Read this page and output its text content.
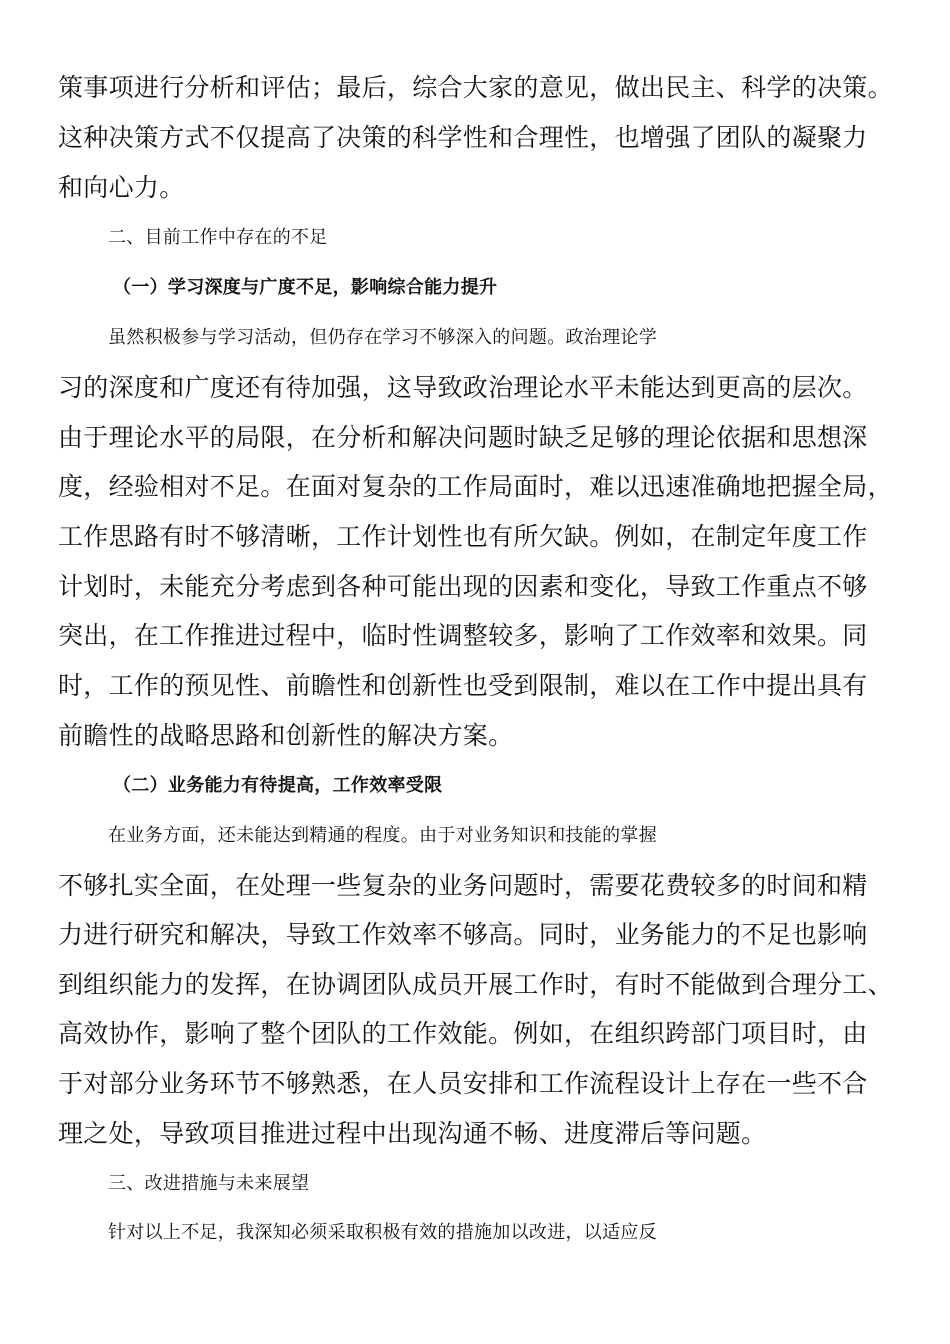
策事项进行分析和评估；最后，综合大家的意见，做出民主、科学的决策。
这种决策方式不仅提高了决策的科学性和合理性，也增强了团队的凝聚力
和向心力。
二、目前工作中存在的不足
（一）学习深度与广度不足，影响综合能力提升
虽然积极参与学习活动，但仍存在学习不够深入的问题。政治理论学
习的深度和广度还有待加强，这导致政治理论水平未能达到更高的层次。
由于理论水平的局限，在分析和解决问题时缺乏足够的理论依据和思想深
度，经验相对不足。在面对复杂的工作局面时，难以迅速准确地把握全局，
工作思路有时不够清晰，工作计划性也有所欠缺。例如，在制定年度工作
计划时，未能充分考虑到各种可能出现的因素和变化，导致工作重点不够
突出，在工作推进过程中，临时性调整较多，影响了工作效率和效果。同
时，工作的预见性、前瞻性和创新性也受到限制，难以在工作中提出具有
前瞻性的战略思路和创新性的解决方案。
（二）业务能力有待提高，工作效率受限
在业务方面，还未能达到精通的程度。由于对业务知识和技能的掌握
不够扎实全面，在处理一些复杂的业务问题时，需要花费较多的时间和精
力进行研究和解决，导致工作效率不够高。同时，业务能力的不足也影响
到组织能力的发挥，在协调团队成员开展工作时，有时不能做到合理分工、
高效协作，影响了整个团队的工作效能。例如，在组织跨部门项目时，由
于对部分业务环节不够熟悉，在人员安排和工作流程设计上存在一些不合
理之处，导致项目推进过程中出现沟通不畅、进度滞后等问题。
三、改进措施与未来展望
针对以上不足，我深知必须采取积极有效的措施加以改进，以适应反
